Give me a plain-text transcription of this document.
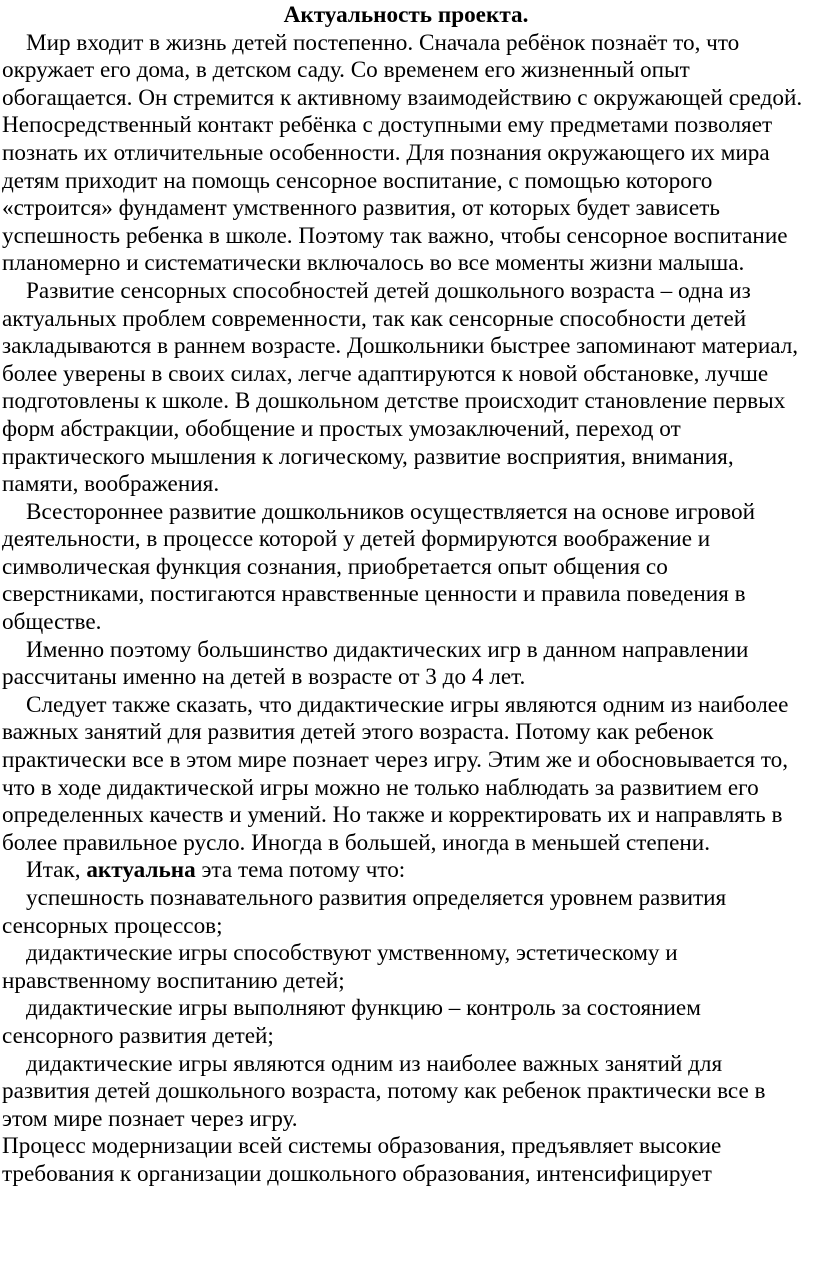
Актуальность проекта.

Мир входит в жизнь детей постепенно. Сначала ребёнок познаёт то, что окружает его дома, в детском саду. Со временем его жизненный опыт обогащается. Он стремится к активному взаимодействию с окружающей средой. Непосредственный контакт ребёнка с доступными ему предметами позволяет познать их отличительные особенности. Для познания окружающего их мира детям приходит на помощь сенсорное воспитание, с помощью которого «строится» фундамент умственного развития, от которых будет зависеть успешность ребенка в школе. Поэтому так важно, чтобы сенсорное воспитание планомерно и систематически включалось во все моменты жизни малыша.

Развитие сенсорных способностей детей дошкольного возраста – одна из актуальных проблем современности, так как сенсорные способности детей закладываются в раннем возрасте. Дошкольники быстрее запоминают материал, более уверены в своих силах, легче адаптируются к новой обстановке, лучше подготовлены к школе. В дошкольном детстве происходит становление первых форм абстракции, обобщение и простых умозаключений, переход от практического мышления к логическому, развитие восприятия, внимания, памяти, воображения.

Всестороннее развитие дошкольников осуществляется на основе игровой деятельности, в процессе которой у детей формируются воображение и символическая функция сознания, приобретается опыт общения со сверстниками, постигаются нравственные ценности и правила поведения в обществе.

Именно поэтому большинство дидактических игр в данном направлении рассчитаны именно на детей в возрасте от 3 до 4 лет.

Следует также сказать, что дидактические игры являются одним из наиболее важных занятий для развития детей этого возраста. Потому как ребенок практически все в этом мире познает через игру. Этим же и обосновывается то, что в ходе дидактической игры можно не только наблюдать за развитием его определенных качеств и умений. Но также и корректировать их и направлять в более правильное русло. Иногда в большей, иногда в меньшей степени.

Итак, актуальна эта тема потому что:

успешность познавательного развития определяется уровнем развития сенсорных процессов;

дидактические игры способствуют умственному, эстетическому и нравственному воспитанию детей;

дидактические игры выполняют функцию – контроль за состоянием сенсорного развития детей;

дидактические игры являются одним из наиболее важных занятий для развития детей дошкольного возраста, потому как ребенок практически все в этом мире познает через игру.

Процесс модернизации всей системы образования, предъявляет высокие требования к организации дошкольного образования, интенсифицирует
